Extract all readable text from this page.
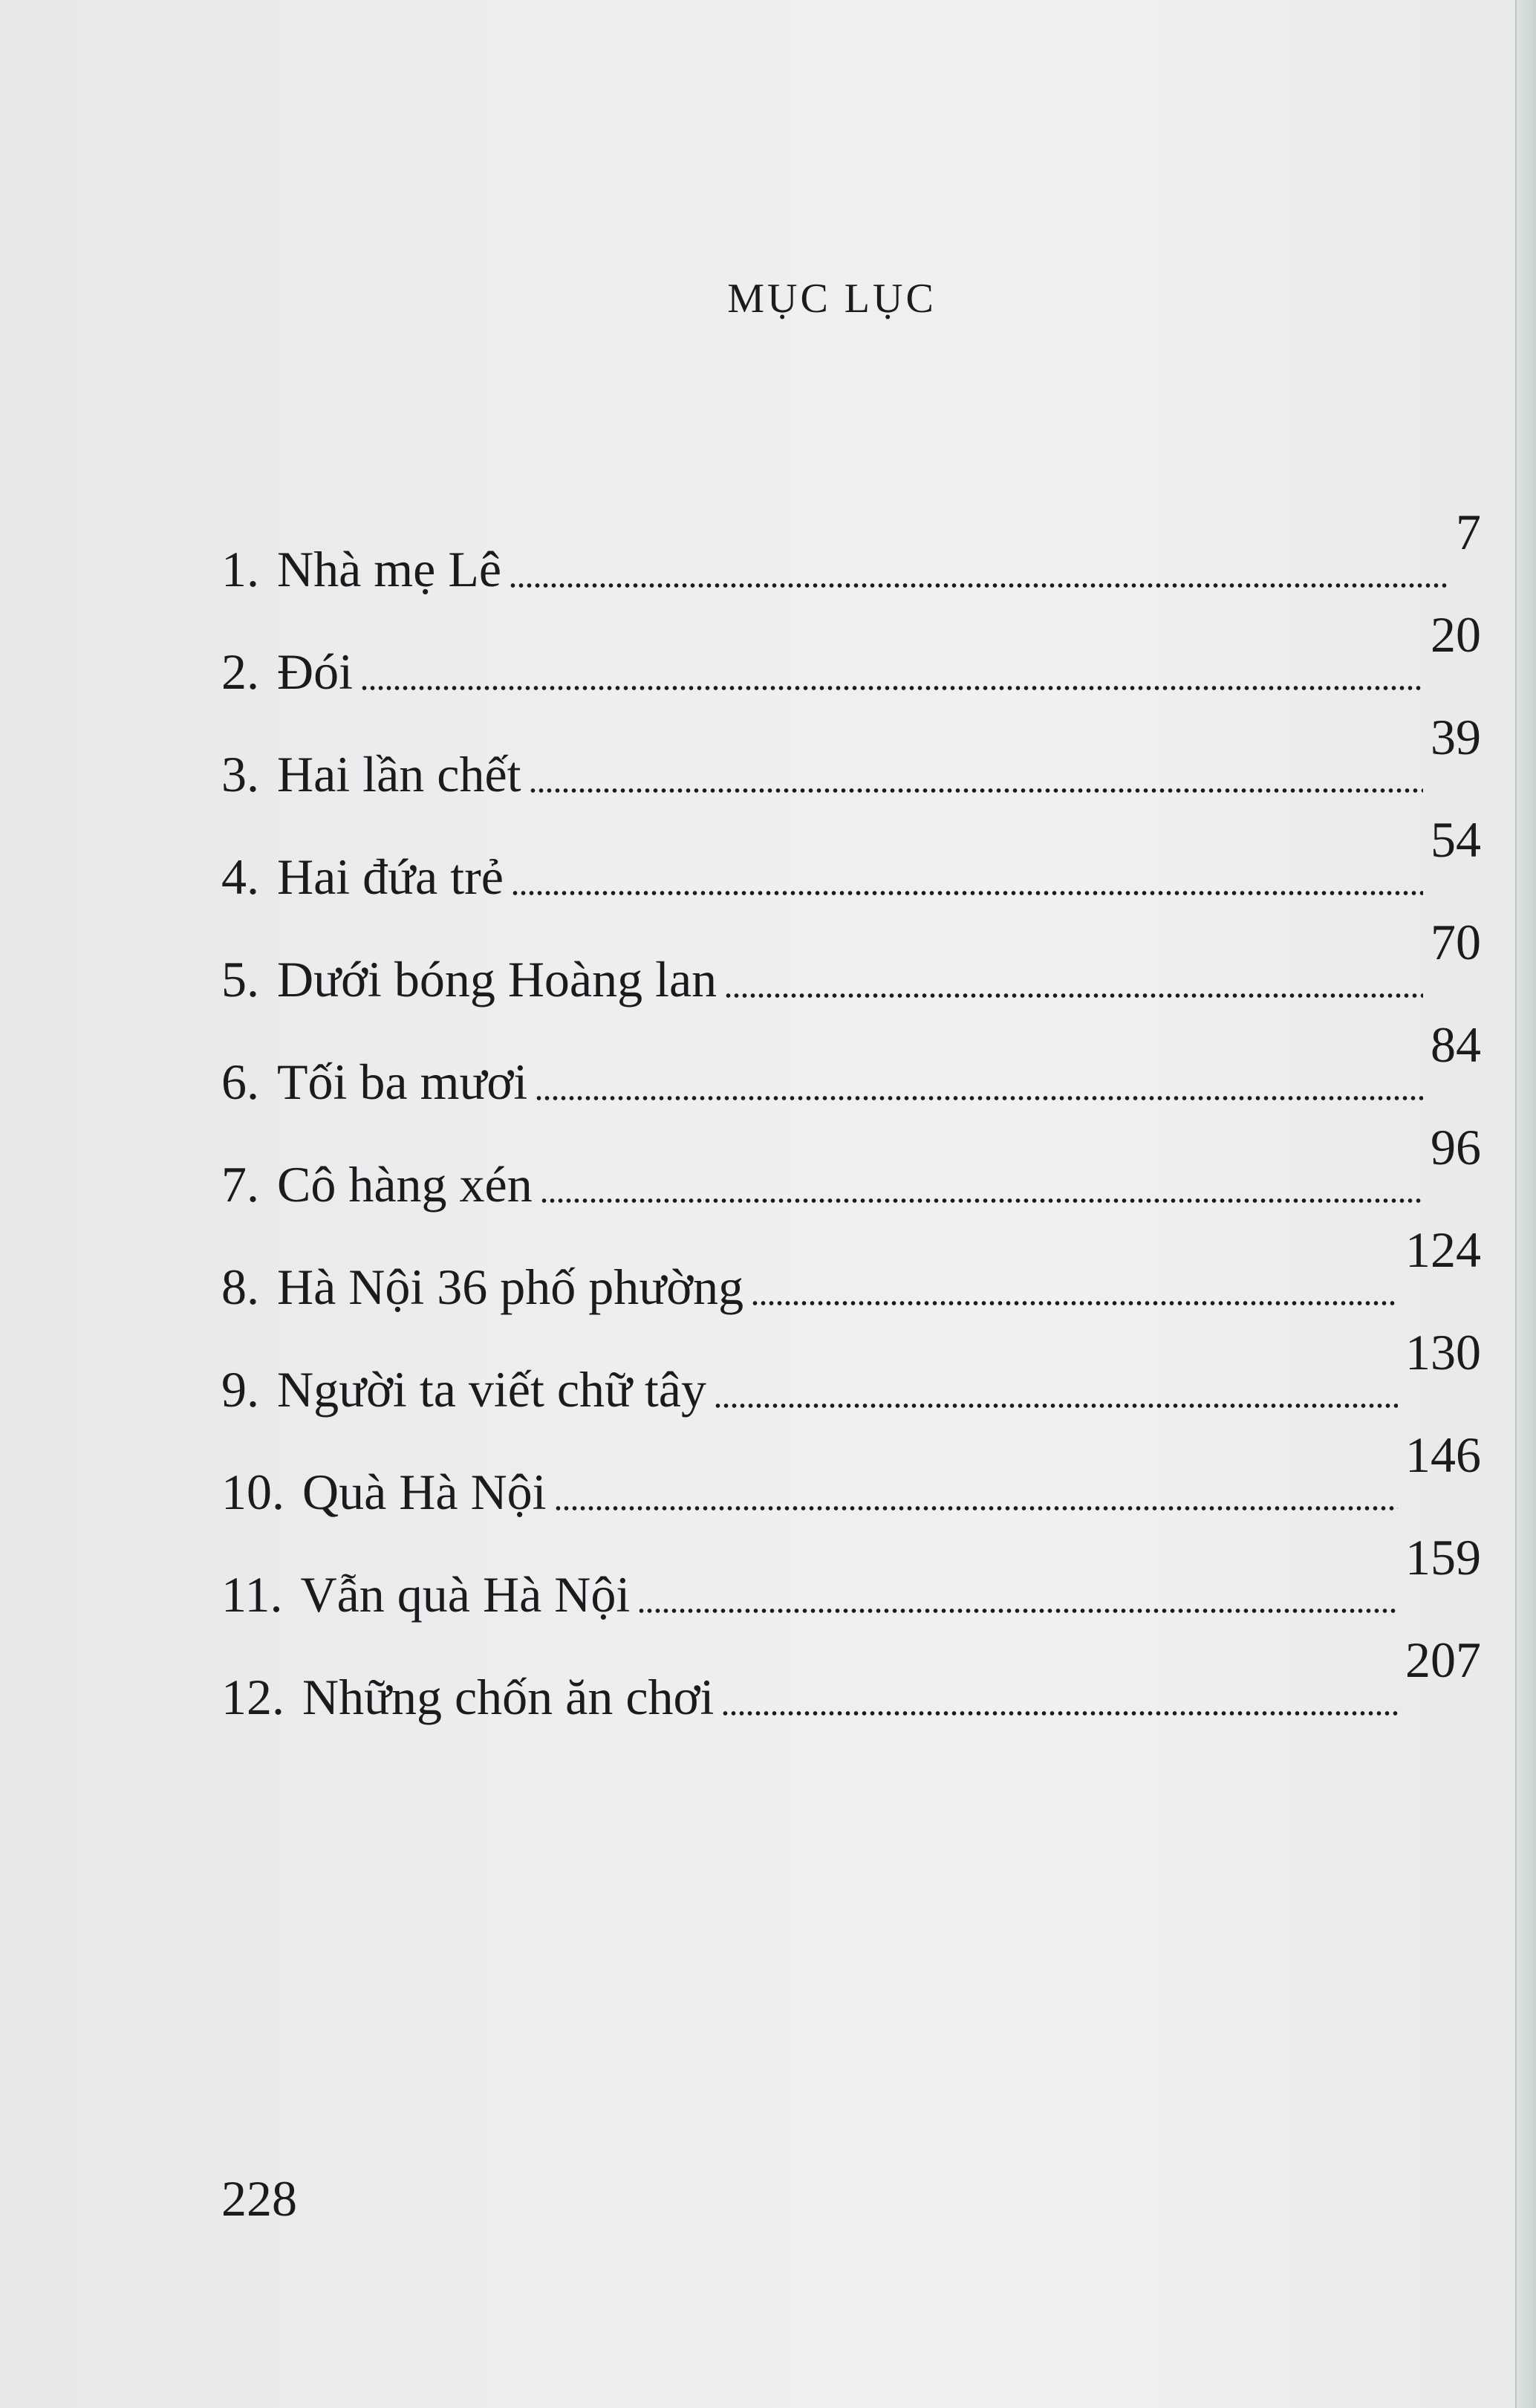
MỤC LỤC
1. Nhà mẹ Lê
7
2. Đói
20
3. Hai lần chết
39
4. Hai đứa trẻ
54
5. Dưới bóng Hoàng lan
70
6. Tối ba mươi
84
7. Cô hàng xén
96
8. Hà Nội 36 phố phường
124
9. Người ta viết chữ tây
130
10. Quà Hà Nội
146
11. Vẫn quà Hà Nội
159
12. Những chốn ăn chơi
207

228
